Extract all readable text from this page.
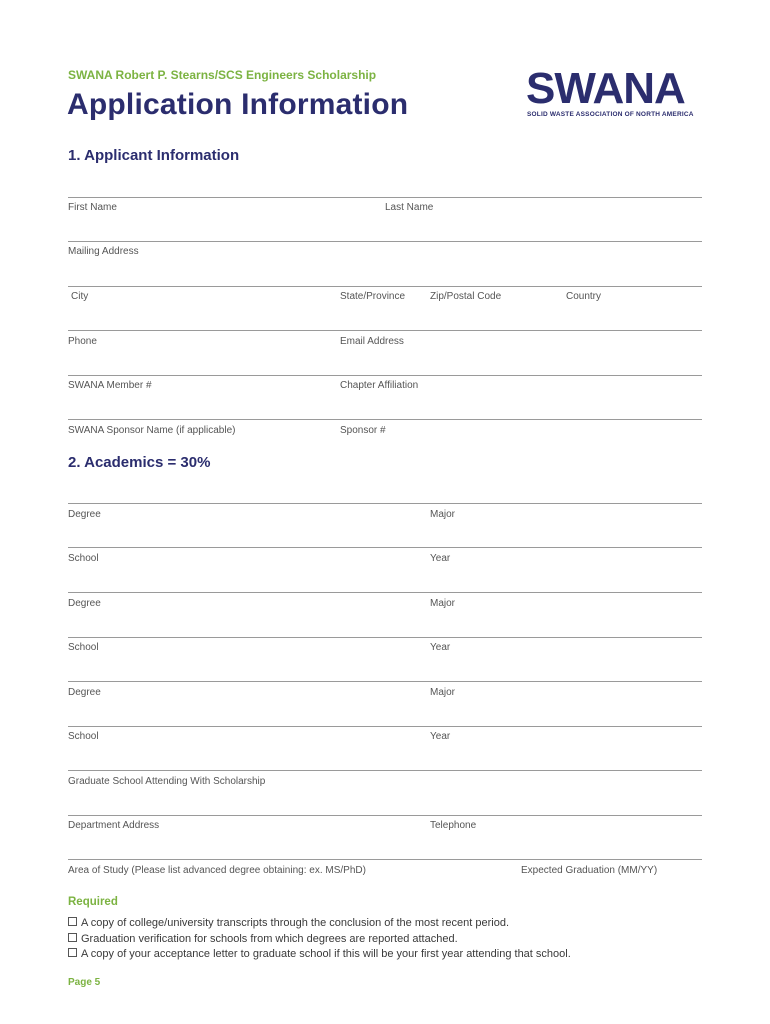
SWANA Robert P. Stearns/SCS Engineers Scholarship
Application Information	SWANA
SOLID WASTE ASSOCIATION OF NORTH AMERICA
1. Applicant Information
First Name	Last Name
Mailing Address
City	State/Province Zip/Postal Code	Country
Phone	Email Address
SWANA Member #	Chapter Affiliation
SWANA Sponsor Name (if applicable)	Sponsor #
2. Academics = 30%
Degree	Major
School	Year
Degree	Major
School	Year
Degree	Major
School	Year
Graduate School Attending With Scholarship
Department Address	Telephone
Area of Study (Please list advanced degree obtaining: ex. MS/PhD)	Expected Graduation (MM/YY)
Required
A copy of college/university transcripts through the conclusion of the most recent period.
Graduation verification for schools from which degrees are reported attached.
A copy of your acceptance letter to graduate school if this will be your first year attending that school.
Page 5
